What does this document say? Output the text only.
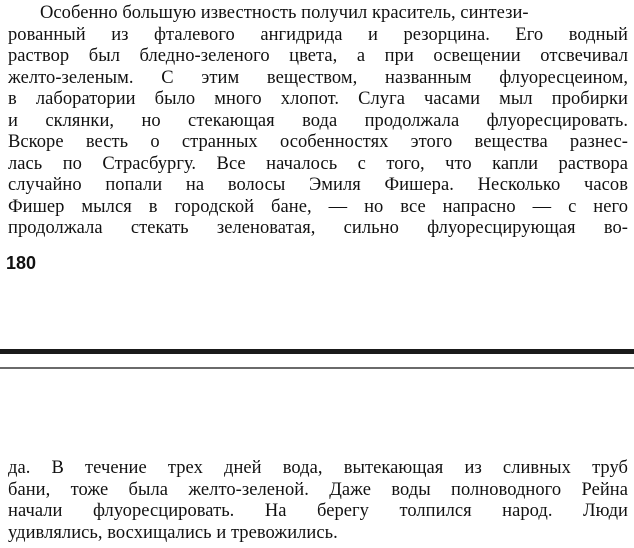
Особенно большую известность получил краситель, синтези-
рованный из фталевого ангидрида и резорцина. Его водный
раствор был бледно-зеленого цвета, а при освещении отсвечивал
желто-зеленым. С этим веществом, названным флуоресцеином,
в лаборатории было много хлопот. Слуга часами мыл пробирки
и склянки, но стекающая вода продолжала флуоресцировать.
Вскоре весть о странных особенностях этого вещества разнес-
лась по Страсбургу. Все началось с того, что капли раствора
случайно попали на волосы Эмиля Фишера. Несколько часов
Фишер мылся в городской бане, — но все напрасно — с него
продолжала стекать зеленоватая, сильно флуоресцирующая во-
180
да. В течение трех дней вода, вытекающая из сливных труб
бани, тоже была желто-зеленой. Даже воды полноводного Рейна
начали флуоресцировать. На берегу толпился народ. Люди
удивлялись, восхищались и тревожились.
